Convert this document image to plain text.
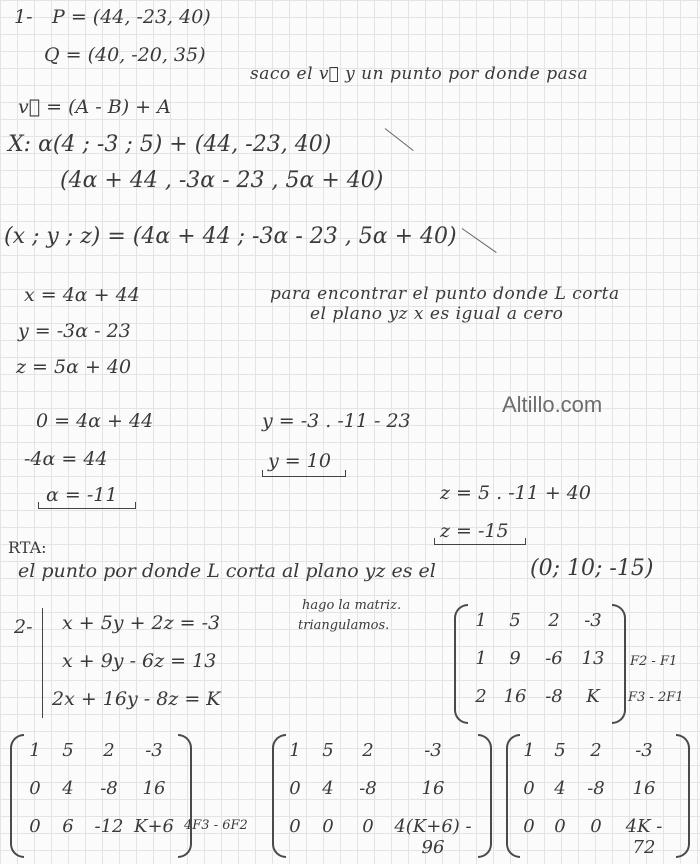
1- P = (44, -23, 40)
Q = (40, -20, 35)
saco el v⃗ y un punto por donde pasa
v⃗ = (A - B) + A
X: α(4 ; -3 ; 5) + (44, -23, 40)
(4α + 44 , -3α - 23 , 5α + 40)
(x ; y ; z) = (4α + 44 ; -3α - 23 , 5α + 40)
x = 4α + 44
y = -3α - 23
z = 5α + 40
para encontrar el punto donde L corta
el plano yz x es igual a cero
Altillo.com
0 = 4α + 44
-4α = 44
α = -11
y = -3 . -11 - 23
y = 10
z = 5 . -11 + 40
z = -15
RTA:
el punto por donde L corta al plano yz es el	(0; 10; -15)
2- x + 5y + 2z = -3
x + 9y - 6z = 13
2x + 16y - 8z = K
hago la matriz.
triangulamos.	1	5	2	-3
1	9	-6	13
2 16	-8	K
F2 - F1
F3 - 2F1
1	5	2	-3
0	4	-8	16
0	6	-12 K+6 4F3 - 6F2
1	5	2	-3
0	4	-8	16
0	0	0	4(K+6) - 96
1	5	2	-3
0	4	-8	16
0	0	0	4K - 72
